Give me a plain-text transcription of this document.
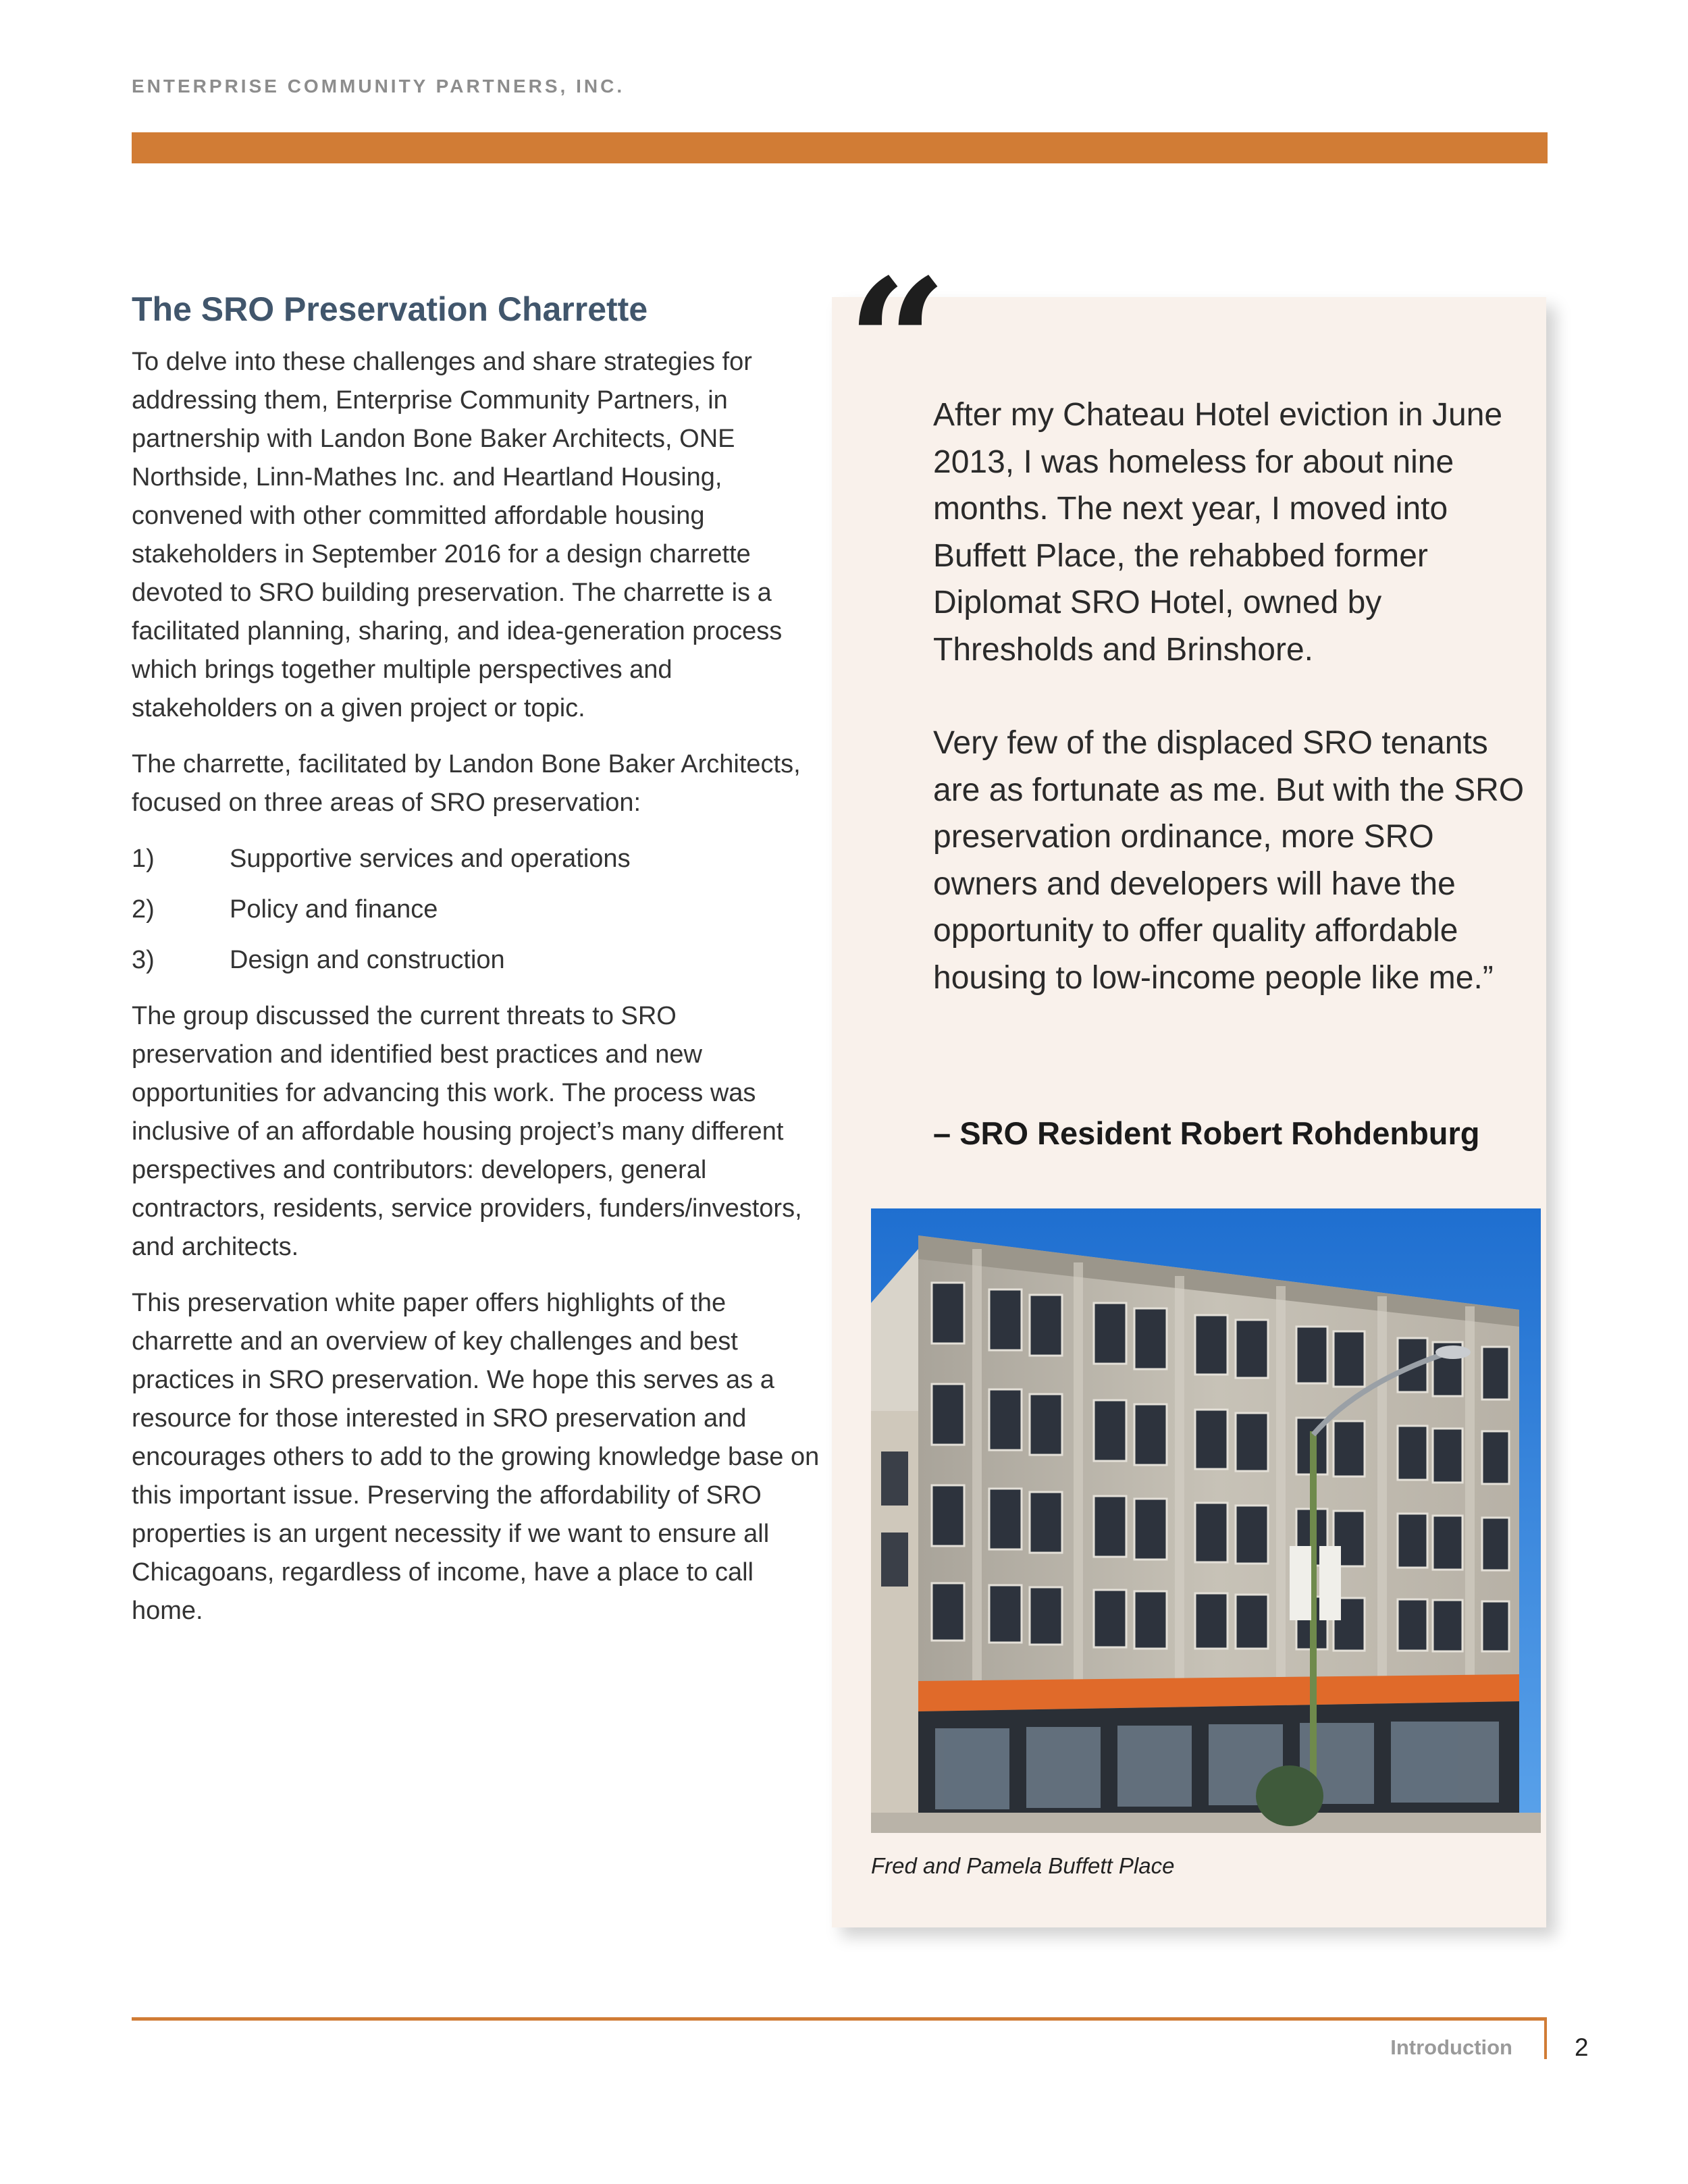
ENTERPRISE COMMUNITY PARTNERS, INC.
The SRO Preservation Charrette

To delve into these challenges and share strategies for addressing them, Enterprise Community Partners, in partnership with Landon Bone Baker Architects, ONE Northside, Linn-Mathes Inc. and Heartland Housing, convened with other committed affordable housing stakeholders in September 2016 for a design charrette devoted to SRO building preservation. The charrette is a facilitated planning, sharing, and idea-generation process which brings together multiple perspectives and stakeholders on a given project or topic.

The charrette, facilitated by Landon Bone Baker Architects, focused on three areas of SRO preservation:

1)	Supportive services and operations
2)	Policy and finance
3)	Design and construction

The group discussed the current threats to SRO preservation and identified best practices and new opportunities for advancing this work. The process was inclusive of an affordable housing project’s many different perspectives and contributors: developers, general contractors, residents, service providers, funders/investors, and architects.

This preservation white paper offers highlights of the charrette and an overview of key challenges and best practices in SRO preservation. We hope this serves as a resource for those interested in SRO preservation and encourages others to add to the growing knowledge base on this important issue. Preserving the affordability of SRO properties is an urgent necessity if we want to ensure all Chicagoans, regardless of income, have a place to call home.

“

After my Chateau Hotel eviction in June 2013, I was homeless for about nine months. The next year, I moved into Buffett Place, the rehabbed former Diplomat SRO Hotel, owned by Thresholds and Brinshore.

Very few of the displaced SRO tenants are as fortunate as me. But with the SRO preservation ordinance, more SRO owners and developers will have the opportunity to offer quality affordable housing to low-income people like me.”

– SRO Resident Robert Rohdenburg
Fred and Pamela Buffett Place
Introduction 2
